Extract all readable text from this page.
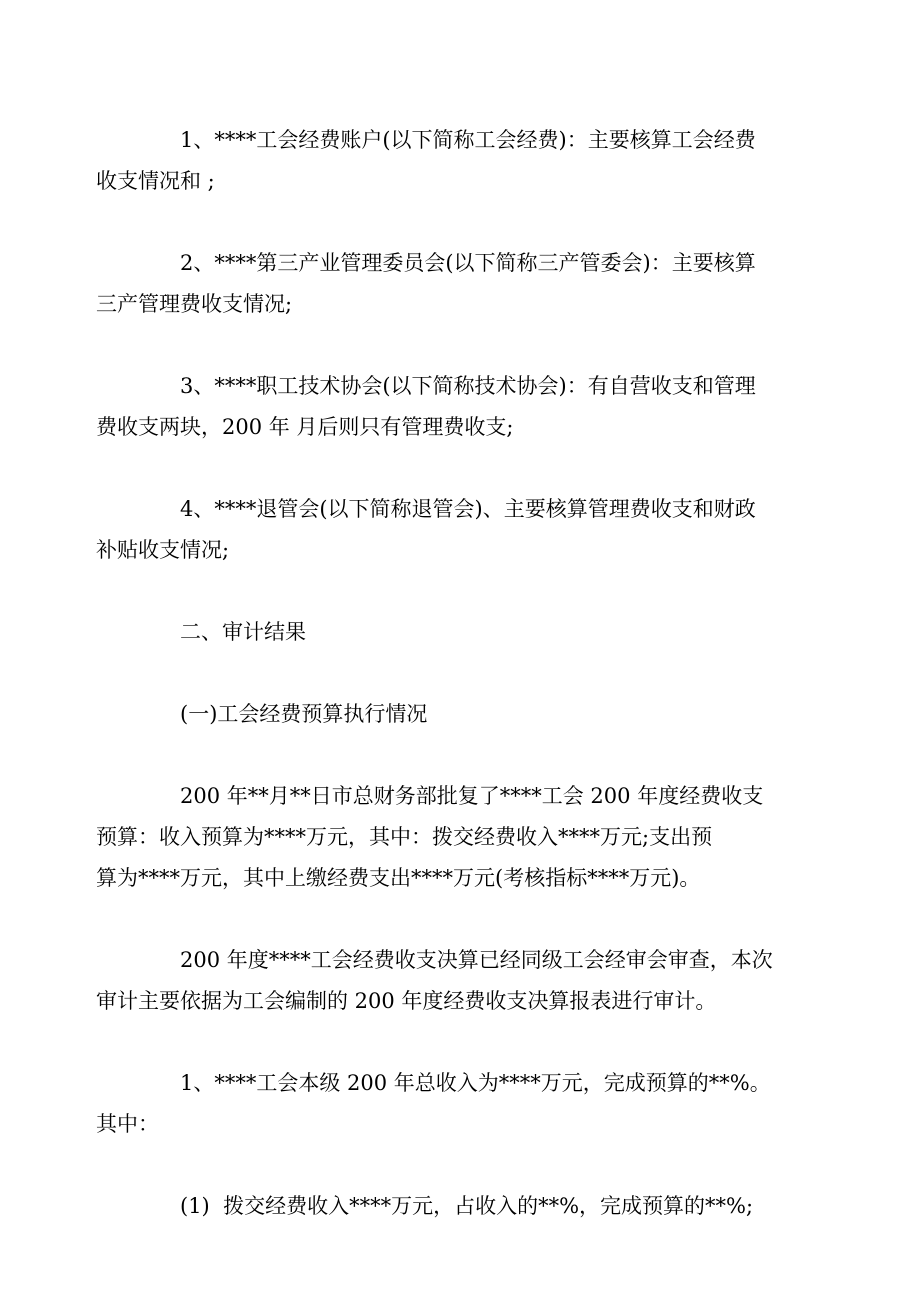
1、****工会经费账户(以下简称工会经费)：主要核算工会经费
收支情况和 ;

2、****第三产业管理委员会(以下简称三产管委会)：主要核算
三产管理费收支情况;

3、****职工技术协会(以下简称技术协会)：有自营收支和管理
费收支两块，200 年 月后则只有管理费收支;

4、****退管会(以下简称退管会)、主要核算管理费收支和财政
补贴收支情况;

二、审计结果

(一)工会经费预算执行情况

200 年**月**日市总财务部批复了****工会 200 年度经费收支
预算：收入预算为****万元，其中：拨交经费收入****万元;支出预
算为****万元，其中上缴经费支出****万元(考核指标****万元)。

200 年度****工会经费收支决算已经同级工会经审会审查，本次
审计主要依据为工会编制的 200 年度经费收支决算报表进行审计。

1、****工会本级 200 年总收入为****万元，完成预算的**%。
其中：

(1)  拨交经费收入****万元，占收入的**%，完成预算的**%;
